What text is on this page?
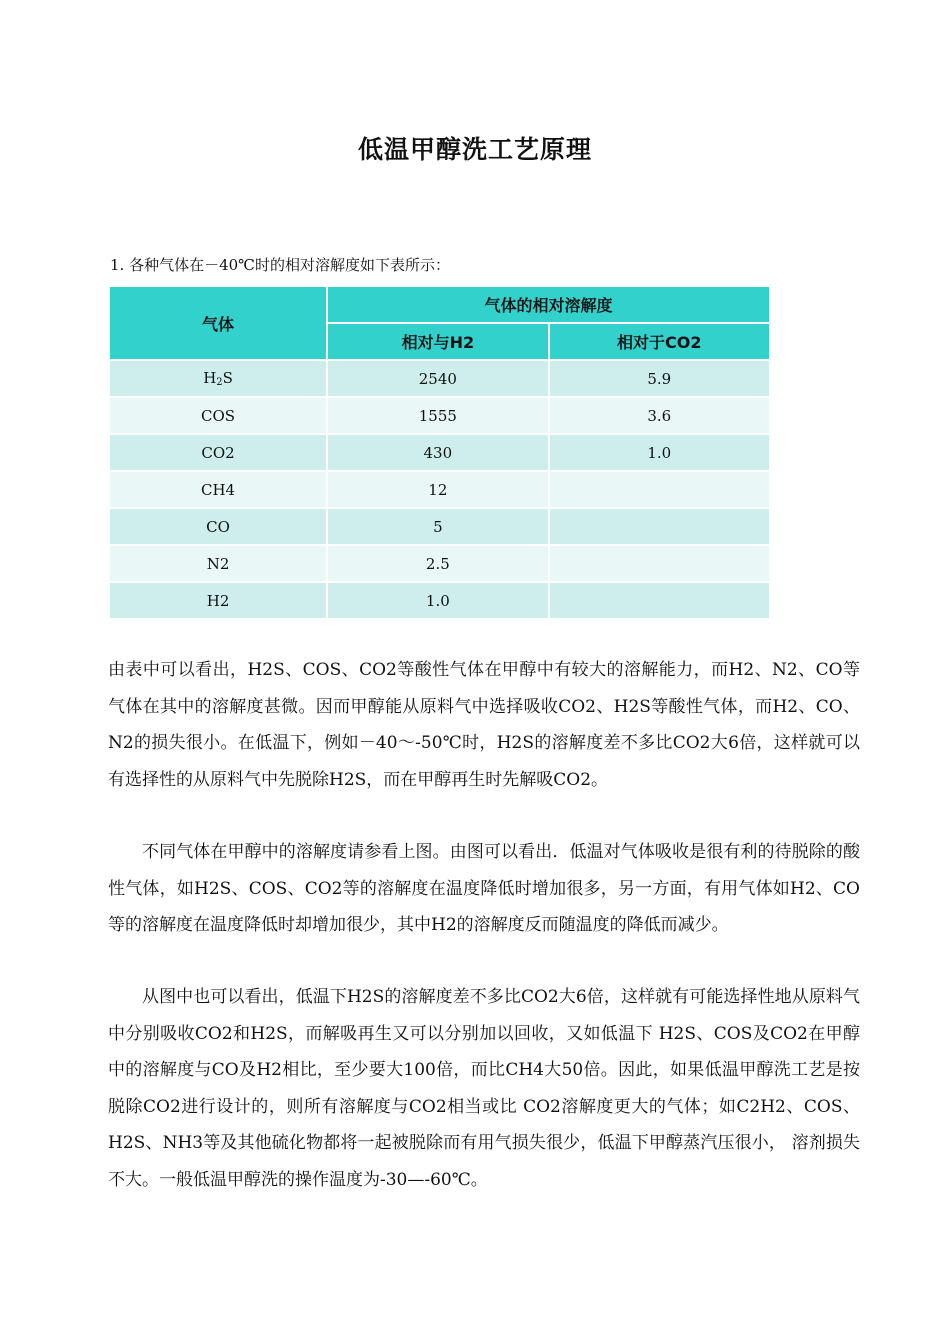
低温甲醇洗工艺原理
1. 各种气体在－40℃时的相对溶解度如下表所示：
气体	气体的相对溶解度	
	相对与H2	相对于CO2
$H_2S$	2540	5.9
COS	1555	3.6
CO2	430	1.0
CH4	12	
CO	5	
N2	2.5	
H2	1.0	

由表中可以看出，H2S、COS、CO2等酸性气体在甲醇中有较大的溶解能力，而H2、N2、CO等气体在其中的溶解度甚微。因而甲醇能从原料气中选择吸收CO2、H2S等酸性气体，而H2、CO、N2的损失很小。在低温下，例如－40～-50℃时，H2S的溶解度差不多比CO2大6倍，这样就可以有选择性的从原料气中先脱除H2S，而在甲醇再生时先解吸CO2。

不同气体在甲醇中的溶解度请参看上图。由图可以看出．低温对气体吸收是很有利的待脱除的酸性气体，如H2S、COS、CO2等的溶解度在温度降低时增加很多，另一方面，有用气体如H2、CO等的溶解度在温度降低时却增加很少，其中H2的溶解度反而随温度的降低而减少。

从图中也可以看出，低温下H2S的溶解度差不多比CO2大6倍，这样就有可能选择性地从原料气中分别吸收CO2和H2S，而解吸再生又可以分别加以回收，又如低温下 H2S、COS及CO2在甲醇中的溶解度与CO及H2相比，至少要大100倍，而比CH4大50倍。因此，如果低温甲醇洗工艺是按脱除CO2进行设计的，则所有溶解度与CO2相当或比 CO2溶解度更大的气体；如C2H2、COS、H2S、NH3等及其他硫化物都将一起被脱除而有用气损失很少，低温下甲醇蒸汽压很小， 溶剂损失不大。一般低温甲醇洗的操作温度为-30—-60℃。
